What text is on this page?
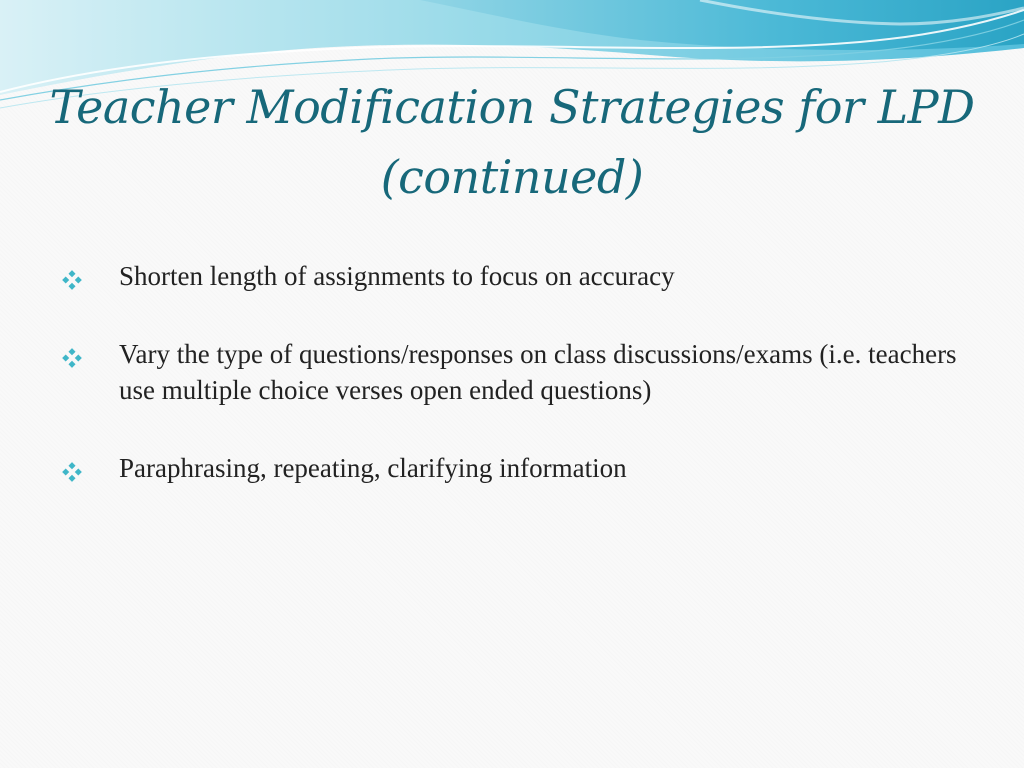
Teacher Modification Strategies for LPD (continued)
Shorten length of assignments to focus on accuracy
Vary the type of questions/responses on class discussions/exams (i.e. teachers use multiple choice verses open ended questions)
Paraphrasing, repeating, clarifying information
